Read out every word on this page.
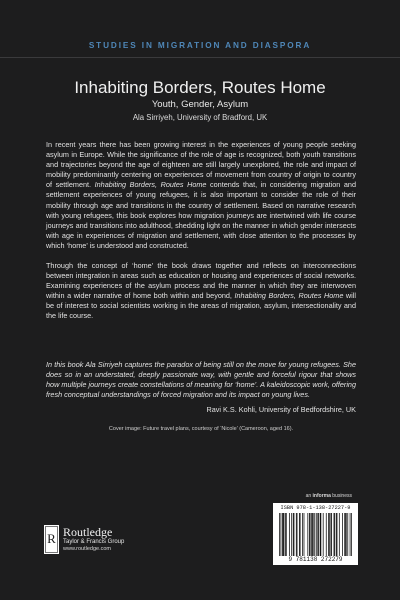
STUDIES IN MIGRATION AND DIASPORA
Inhabiting Borders, Routes Home
Youth, Gender, Asylum
Ala Sirriyeh, University of Bradford, UK

In recent years there has been growing interest in the experiences of young people seeking asylum in Europe. While the significance of the role of age is recognized, both youth transitions and trajectories beyond the age of eighteen are still largely unexplored, the role and impact of mobility predominantly centering on experiences of movement from country of origin to country of settlement. Inhabiting Borders, Routes Home contends that, in considering migration and settlement experiences of young refugees, it is also important to consider the role of their mobility through age and transitions in the country of settlement. Based on narrative research with young refugees, this book explores how migration journeys are intertwined with life course journeys and transitions into adulthood, shedding light on the manner in which gender intersects with age in experiences of migration and settlement, with close attention to the processes by which ‘home’ is understood and constructed.

Through the concept of ‘home’ the book draws together and reflects on interconnections between integration in areas such as education or housing and experiences of social networks. Examining experiences of the asylum process and the manner in which they are interwoven within a wider narrative of home both within and beyond, Inhabiting Borders, Routes Home will be of interest to social scientists working in the areas of migration, asylum, intersectionality and the life course.

In this book Ala Sirriyeh captures the paradox of being still on the move for young refugees. She does so in an understated, deeply passionate way, with gentle and forceful rigour that shows how multiple journeys create constellations of meaning for ‘home’. A kaleidoscopic work, offering fresh conceptual understandings of forced migration and its impact on young lives.

Ravi K.S. Kohli, University of Bedfordshire, UK
Cover image: Future travel plans, courtesy of ‘Nicole’ (Cameroon, aged 16).
an informa business
R Routledge
Taylor & Francis Group
www.routledge.com
ISBN 978-1-138-27227-9
9 781138 272279
